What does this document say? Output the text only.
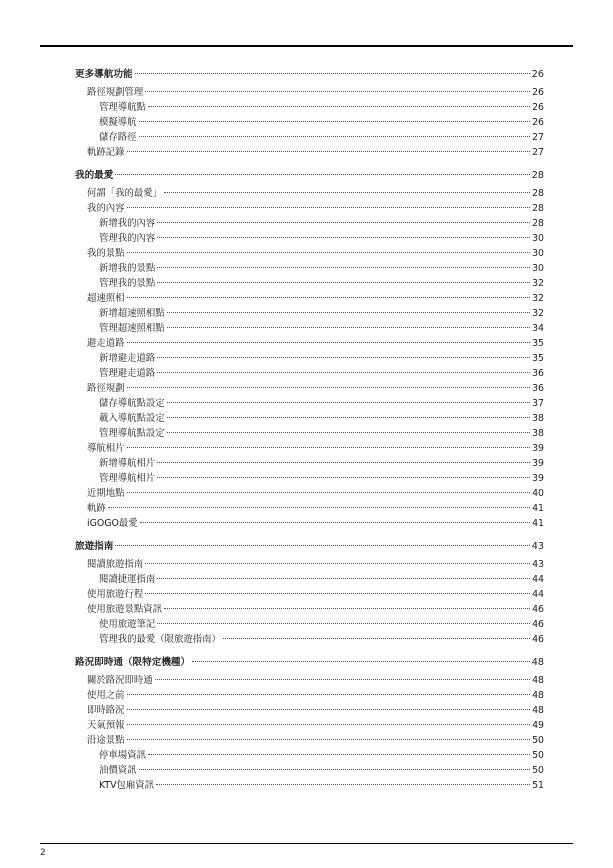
更多導航功能	26
路徑規劃管理	26
管理導航點	26
模擬導航	26
儲存路徑	27
軌跡記錄	27
我的最愛	28
何謂「我的最愛」	28
我的內容	28
新增我的內容	28
管理我的內容	30
我的景點	30
新增我的景點	30
管理我的景點	32
超速照相	32
新增超速照相點	32
管理超速照相點	34
避走道路	35
新增避走道路	35
管理避走道路	36
路徑規劃	36
儲存導航點設定	37
載入導航點設定	38
管理導航點設定	38
導航相片	39
新增導航相片	39
管理導航相片	39
近期地點	40
軌跡	41
iGOGO最愛	41
旅遊指南	43
閱讀旅遊指南	43
閱讀捷運指南	44
使用旅遊行程	44
使用旅遊景點資訊	46
使用旅遊筆記	46
管理我的最愛（限旅遊指南）	46
路況即時通（限特定機種）	48
關於路況即時通	48
使用之前	48
即時路況	48
天氣預報	49
沿途景點	50
停車場資訊	50
油價資訊	50
KTV包廂資訊	51
2
